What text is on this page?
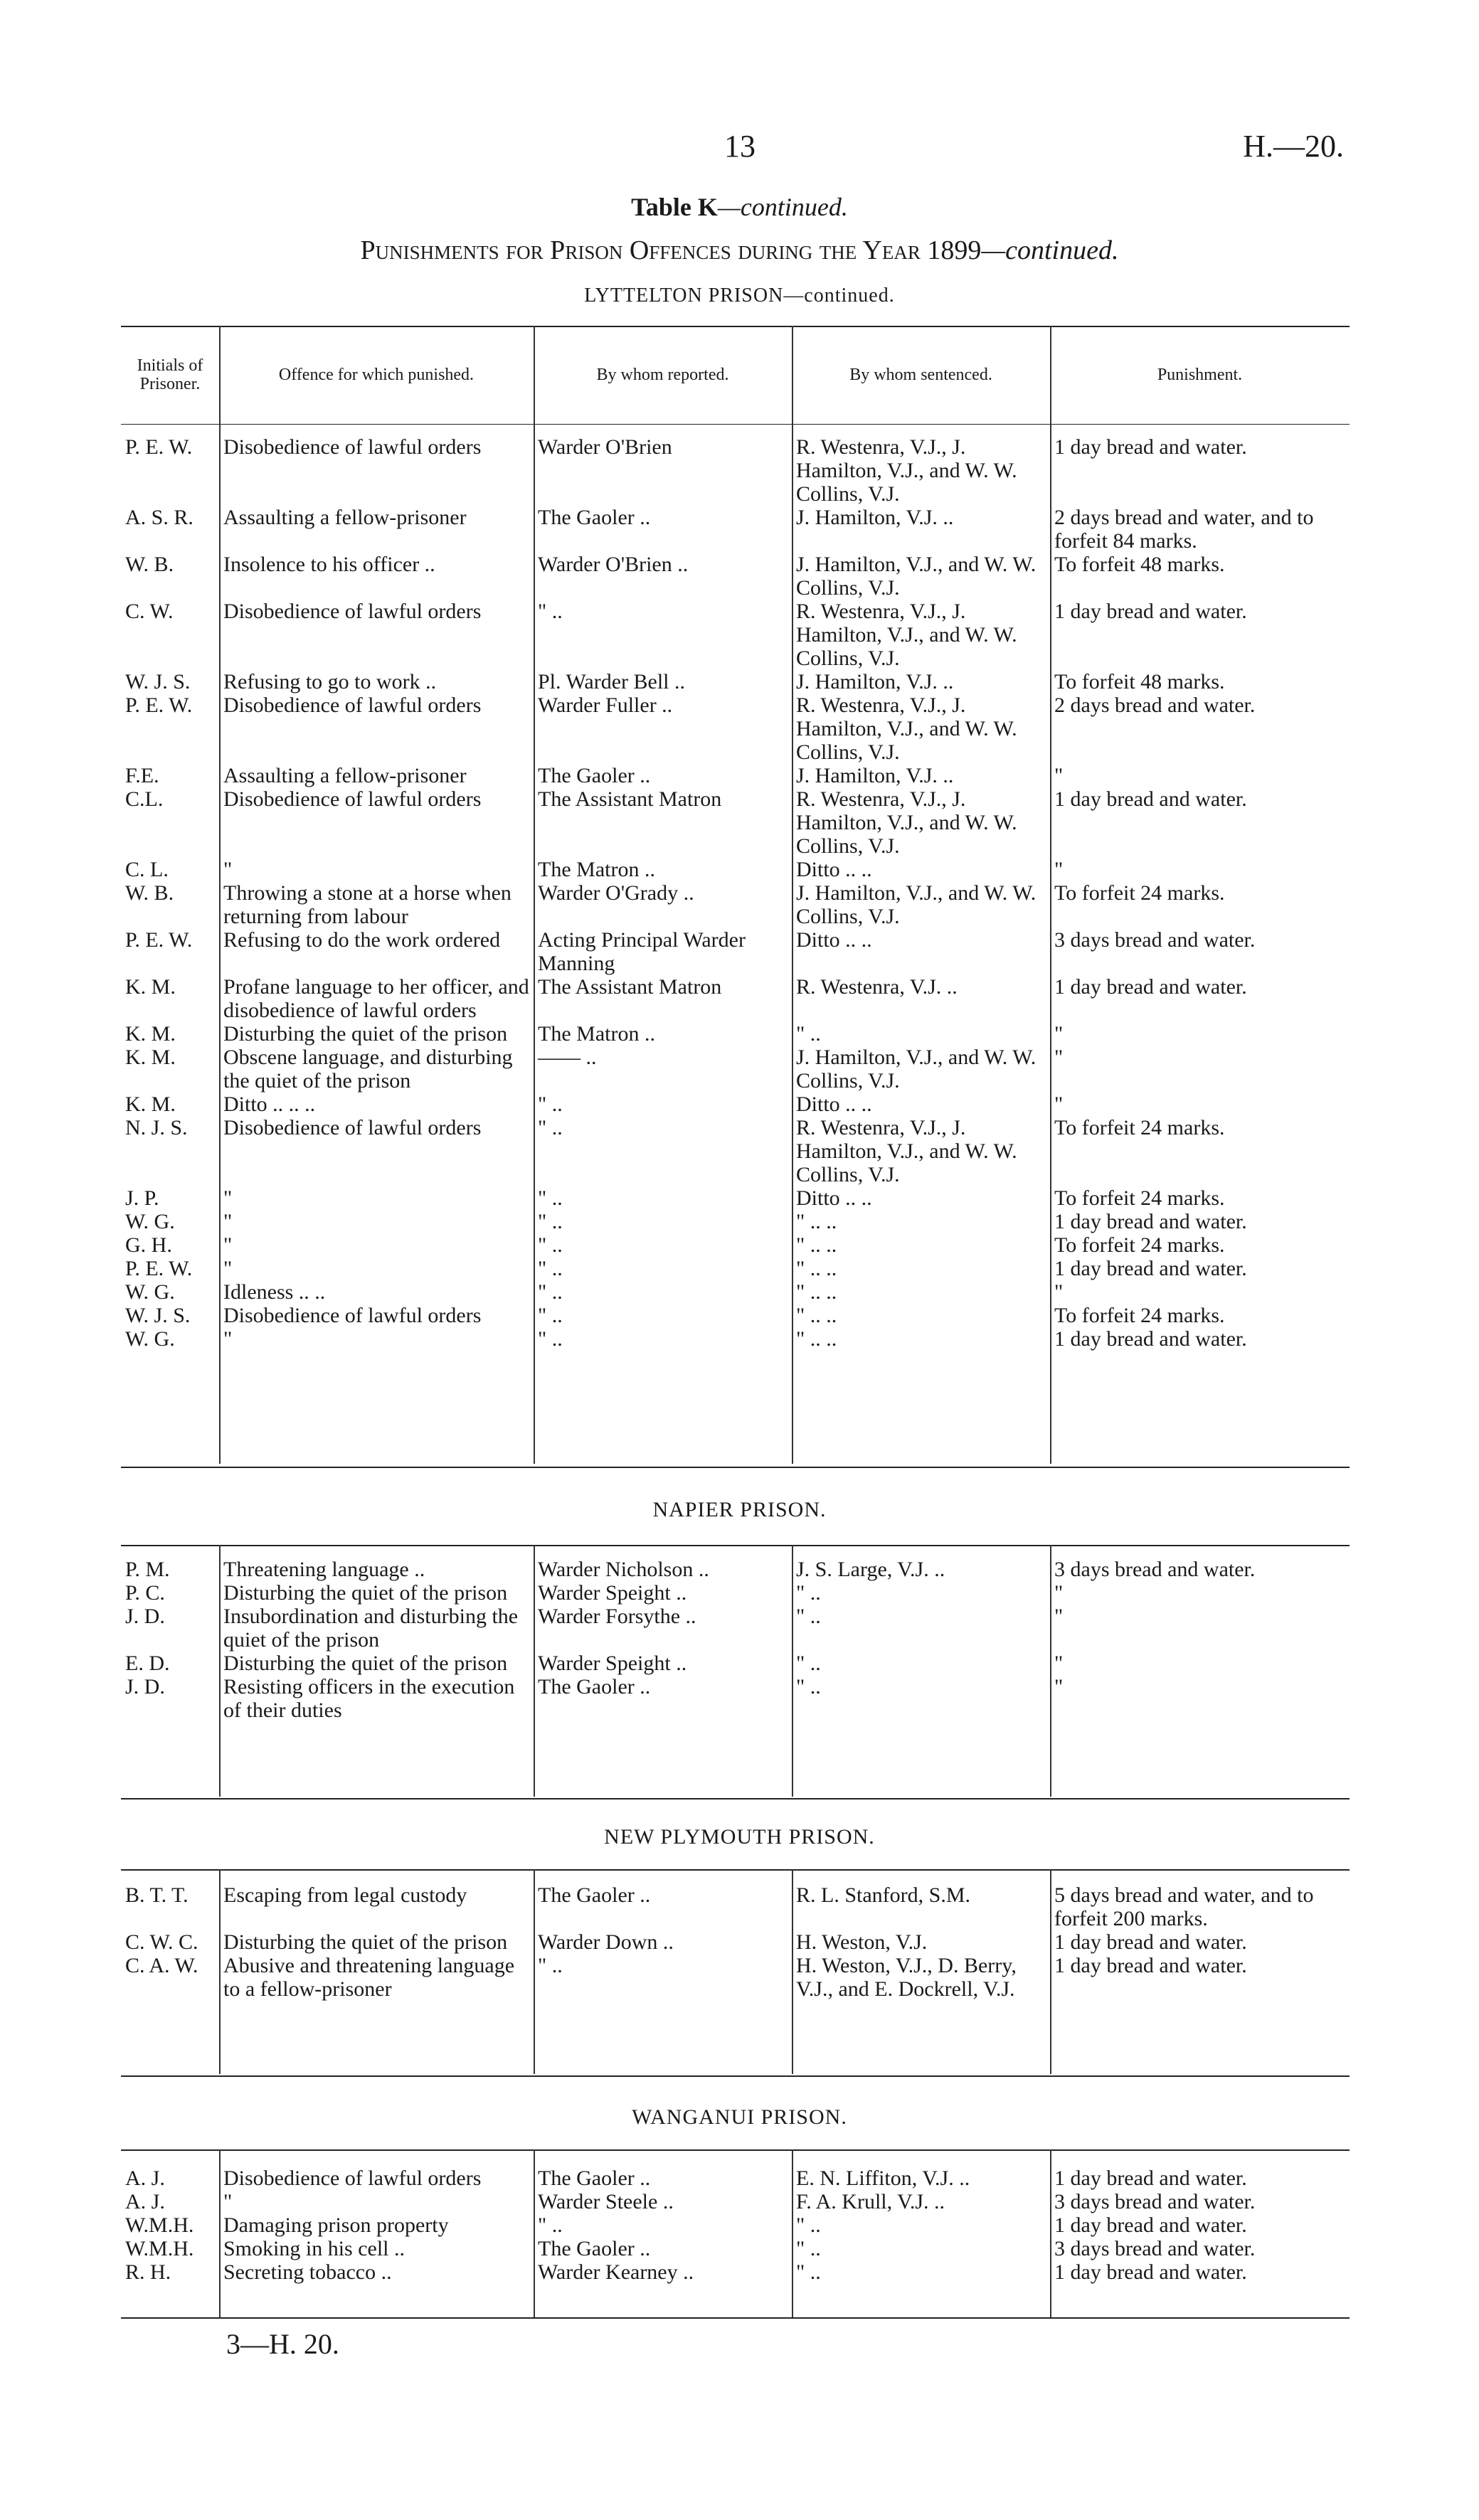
13	H.—20.
Table K—continued.
Punishments for Prison Offences during the Year 1899—continued.
LYTTELTON PRISON—continued.
Initials of Prisoner.	Offence for which punished.	By whom reported.	By whom sentenced.	Punishment.
P. E. W.	Disobedience of lawful orders	Warder O'Brien	R. Westenra, V.J., J. Hamilton, V.J., and W. W. Collins, V.J.	1 day bread and water.
A. S. R.	Assaulting a fellow-prisoner	The Gaoler ..	J. Hamilton, V.J. ..	2 days bread and water, and to forfeit 84 marks.
W. B.	Insolence to his officer ..	Warder O'Brien ..	J. Hamilton, V.J., and W. W. Collins, V.J.	To forfeit 48 marks.
C. W.	Disobedience of lawful orders	" ..	R. Westenra, V.J., J. Hamilton, V.J., and W. W. Collins, V.J.	1 day bread and water.
W. J. S.	Refusing to go to work ..	Pl. Warder Bell ..	J. Hamilton, V.J. ..	To forfeit 48 marks.
P. E. W.	Disobedience of lawful orders	Warder Fuller ..	R. Westenra, V.J., J. Hamilton, V.J., and W. W. Collins, V.J.	2 days bread and water.
F.E.	Assaulting a fellow-prisoner	The Gaoler ..	J. Hamilton, V.J. ..	"
C.L.	Disobedience of lawful orders	The Assistant Matron	R. Westenra, V.J., J. Hamilton, V.J., and W. W. Collins, V.J.	1 day bread and water.
C. L.	"	The Matron ..	Ditto .. ..	"
W. B.	Throwing a stone at a horse when returning from labour	Warder O'Grady ..	J. Hamilton, V.J., and W. W. Collins, V.J.	To forfeit 24 marks.
P. E. W.	Refusing to do the work ordered	Acting Principal Warder Manning	Ditto .. ..	3 days bread and water.
K. M.	Profane language to her officer, and disobedience of lawful orders	The Assistant Matron	R. Westenra, V.J. ..	1 day bread and water.
K. M.	Disturbing the quiet of the prison	The Matron ..	" ..	"
K. M.	Obscene language, and disturbing the quiet of the prison	—— ..	J. Hamilton, V.J., and W. W. Collins, V.J.	"
K. M.	Ditto .. .. ..	" ..	Ditto .. ..	"
N. J. S.	Disobedience of lawful orders	" ..	R. Westenra, V.J., J. Hamilton, V.J., and W. W. Collins, V.J.	To forfeit 24 marks.
J. P.	"	" ..	Ditto .. ..	To forfeit 24 marks.
W. G.	"	" ..	" .. ..	1 day bread and water.
G. H.	"	" ..	" .. ..	To forfeit 24 marks.
P. E. W.	"	" ..	" .. ..	1 day bread and water.
W. G.	Idleness .. ..	" ..	" .. ..	"
W. J. S.	Disobedience of lawful orders	" ..	" .. ..	To forfeit 24 marks.
W. G.	"	" ..	" .. ..	1 day bread and water.
NAPIER PRISON.
P. M.	Threatening language ..	Warder Nicholson ..	J. S. Large, V.J. ..	3 days bread and water.
P. C.	Disturbing the quiet of the prison	Warder Speight ..	" ..	"
J. D.	Insubordination and disturbing the quiet of the prison	Warder Forsythe ..	" ..	"
E. D.	Disturbing the quiet of the prison	Warder Speight ..	" ..	"
J. D.	Resisting officers in the execution of their duties	The Gaoler ..	" ..	"
NEW PLYMOUTH PRISON.
B. T. T.	Escaping from legal custody	The Gaoler ..	R. L. Stanford, S.M.	5 days bread and water, and to forfeit 200 marks.
C. W. C.	Disturbing the quiet of the prison	Warder Down ..	H. Weston, V.J.	1 day bread and water.
C. A. W.	Abusive and threatening language to a fellow-prisoner	" ..	H. Weston, V.J., D. Berry, V.J., and E. Dockrell, V.J.	1 day bread and water.
WANGANUI PRISON.
A. J.	Disobedience of lawful orders	The Gaoler ..	E. N. Liffiton, V.J. ..	1 day bread and water.
A. J.	"	Warder Steele ..	F. A. Krull, V.J. ..	3 days bread and water.
W.M.H.	Damaging prison property	" ..	" ..	1 day bread and water.
W.M.H.	Smoking in his cell ..	The Gaoler ..	" ..	3 days bread and water.
R. H.	Secreting tobacco ..	Warder Kearney ..	" ..	1 day bread and water.
3—H. 20.
